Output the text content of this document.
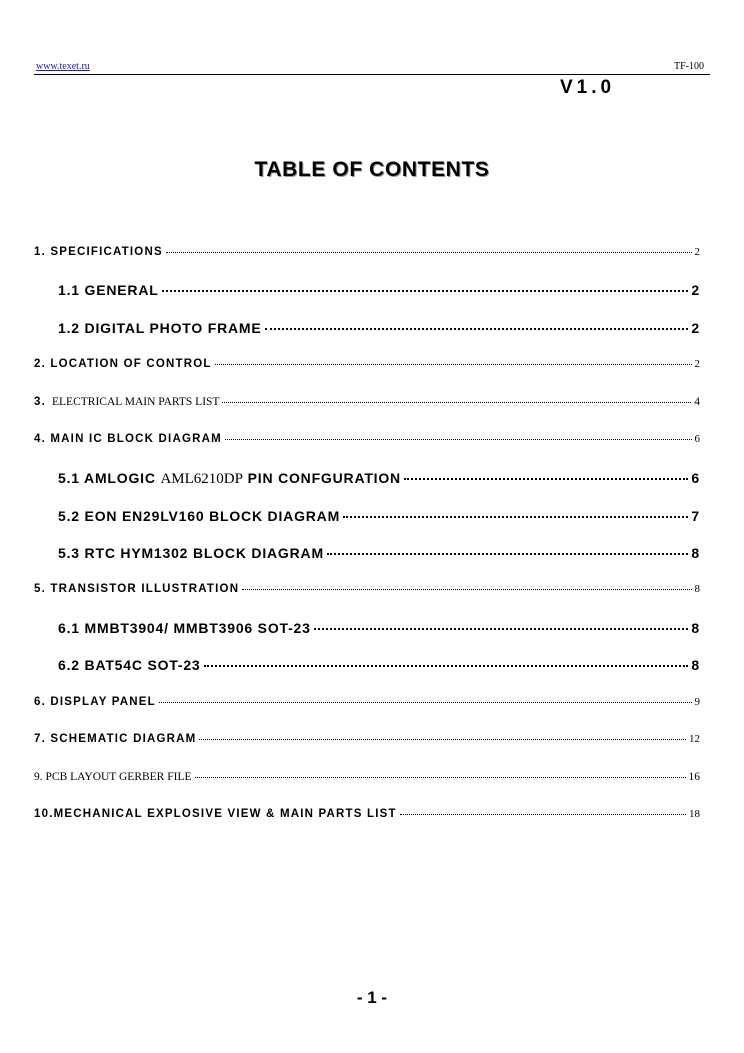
www.texet.ru	TF-100
V1.0
TABLE OF CONTENTS
1. SPECIFICATIONS	2
1.1 GENERAL	2
1.2 DIGITAL PHOTO FRAME	2
2. LOCATION OF CONTROL	2
3. ELECTRICAL MAIN PARTS LIST	4
4. MAIN IC BLOCK DIAGRAM	6
5.1 AMLOGIC AML6210DP PIN CONFGURATION	6
5.2 EON EN29LV160 BLOCK DIAGRAM	7
5.3 RTC HYM1302 BLOCK DIAGRAM	8
5. TRANSISTOR ILLUSTRATION	8
6.1 MMBT3904/ MMBT3906 SOT-23	8
6.2 BAT54C SOT-23	8
6. DISPLAY PANEL	9
7. SCHEMATIC DIAGRAM	12
9. PCB LAYOUT GERBER FILE	16
10.MECHANICAL EXPLOSIVE VIEW & MAIN PARTS LIST	18
- 1 -
